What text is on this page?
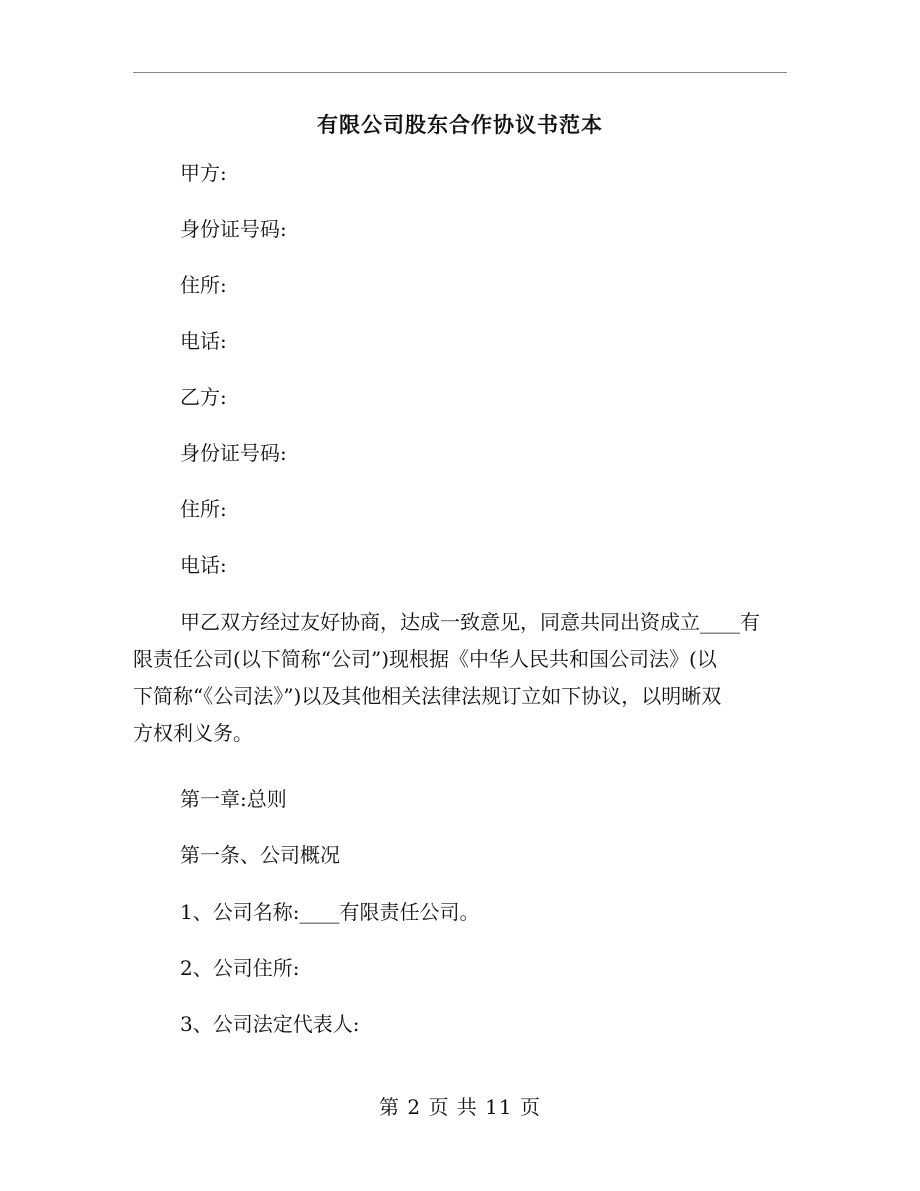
有限公司股东合作协议书范本
甲方:
身份证号码:
住所:
电话:
乙方:
身份证号码:
住所:
电话:
甲乙双方经过友好协商，达成一致意见，同意共同出资成立____有
限责任公司(以下简称“公司”)现根据《中华人民共和国公司法》(以
下简称“《公司法》”)以及其他相关法律法规订立如下协议，以明晰双
方权利义务。
第一章:总则
第一条、公司概况
1、公司名称:____有限责任公司。
2、公司住所:
3、公司法定代表人:
第 2 页 共 11 页
